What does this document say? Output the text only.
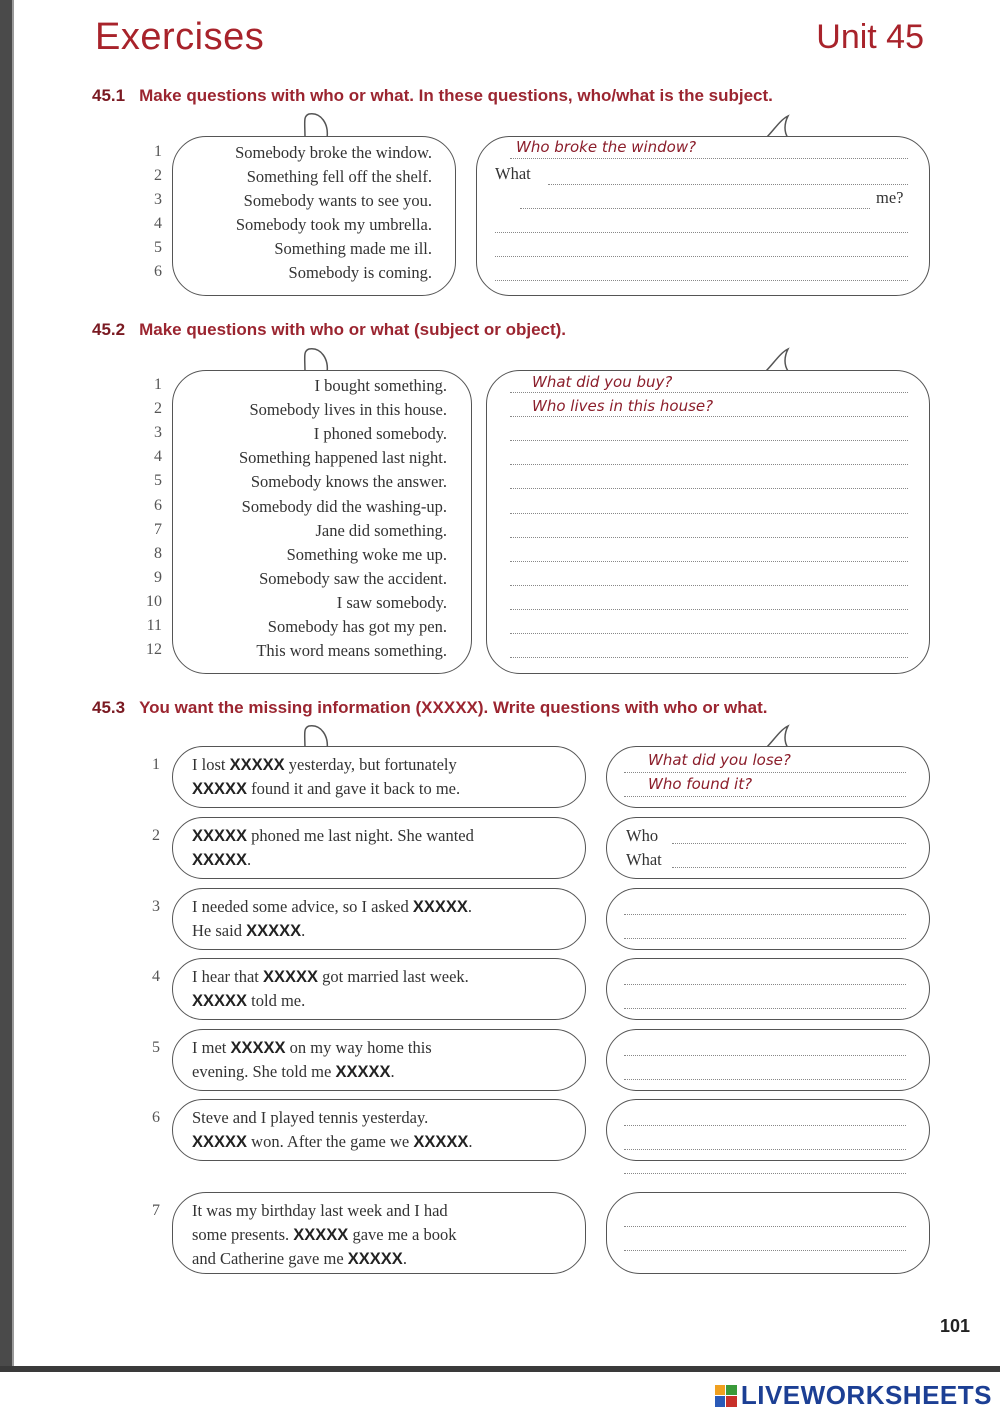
Exercises	Unit 45
45.1 Make questions with who or what. In these questions, who/what is the subject.
1	Somebody broke the window.
2	Something fell off the shelf.
3	Somebody wants to see you.
4	Somebody took my umbrella.
5	Something made me ill.
6	Somebody is coming.
Who broke the window?
What
me?
45.2 Make questions with who or what (subject or object).
1	I bought something.
2	Somebody lives in this house.
3	I phoned somebody.
4	Something happened last night.
5	Somebody knows the answer.
6	Somebody did the washing-up.
7	Jane did something.
8	Something woke me up.
9	Somebody saw the accident.
10	I saw somebody.
11	Somebody has got my pen.
12	This word means something.
What did you buy?
Who lives in this house?
45.3 You want the missing information (XXXXX). Write questions with who or what.
1 I lost XXXXX yesterday, but fortunately
XXXXX found it and gave it back to me.
What did you lose?
Who found it?
2 XXXXX phoned me last night. She wanted
XXXXX.
Who
What
3 I needed some advice, so I asked XXXXX.
He said XXXXX.
4 I hear that XXXXX got married last week.
XXXXX told me.
5 I met XXXXX on my way home this
evening. She told me XXXXX.
6 Steve and I played tennis yesterday.
XXXXX won. After the game we XXXXX.
7 It was my birthday last week and I had
some presents. XXXXX gave me a book
and Catherine gave me XXXXX.
101
LIVEWORKSHEETS
